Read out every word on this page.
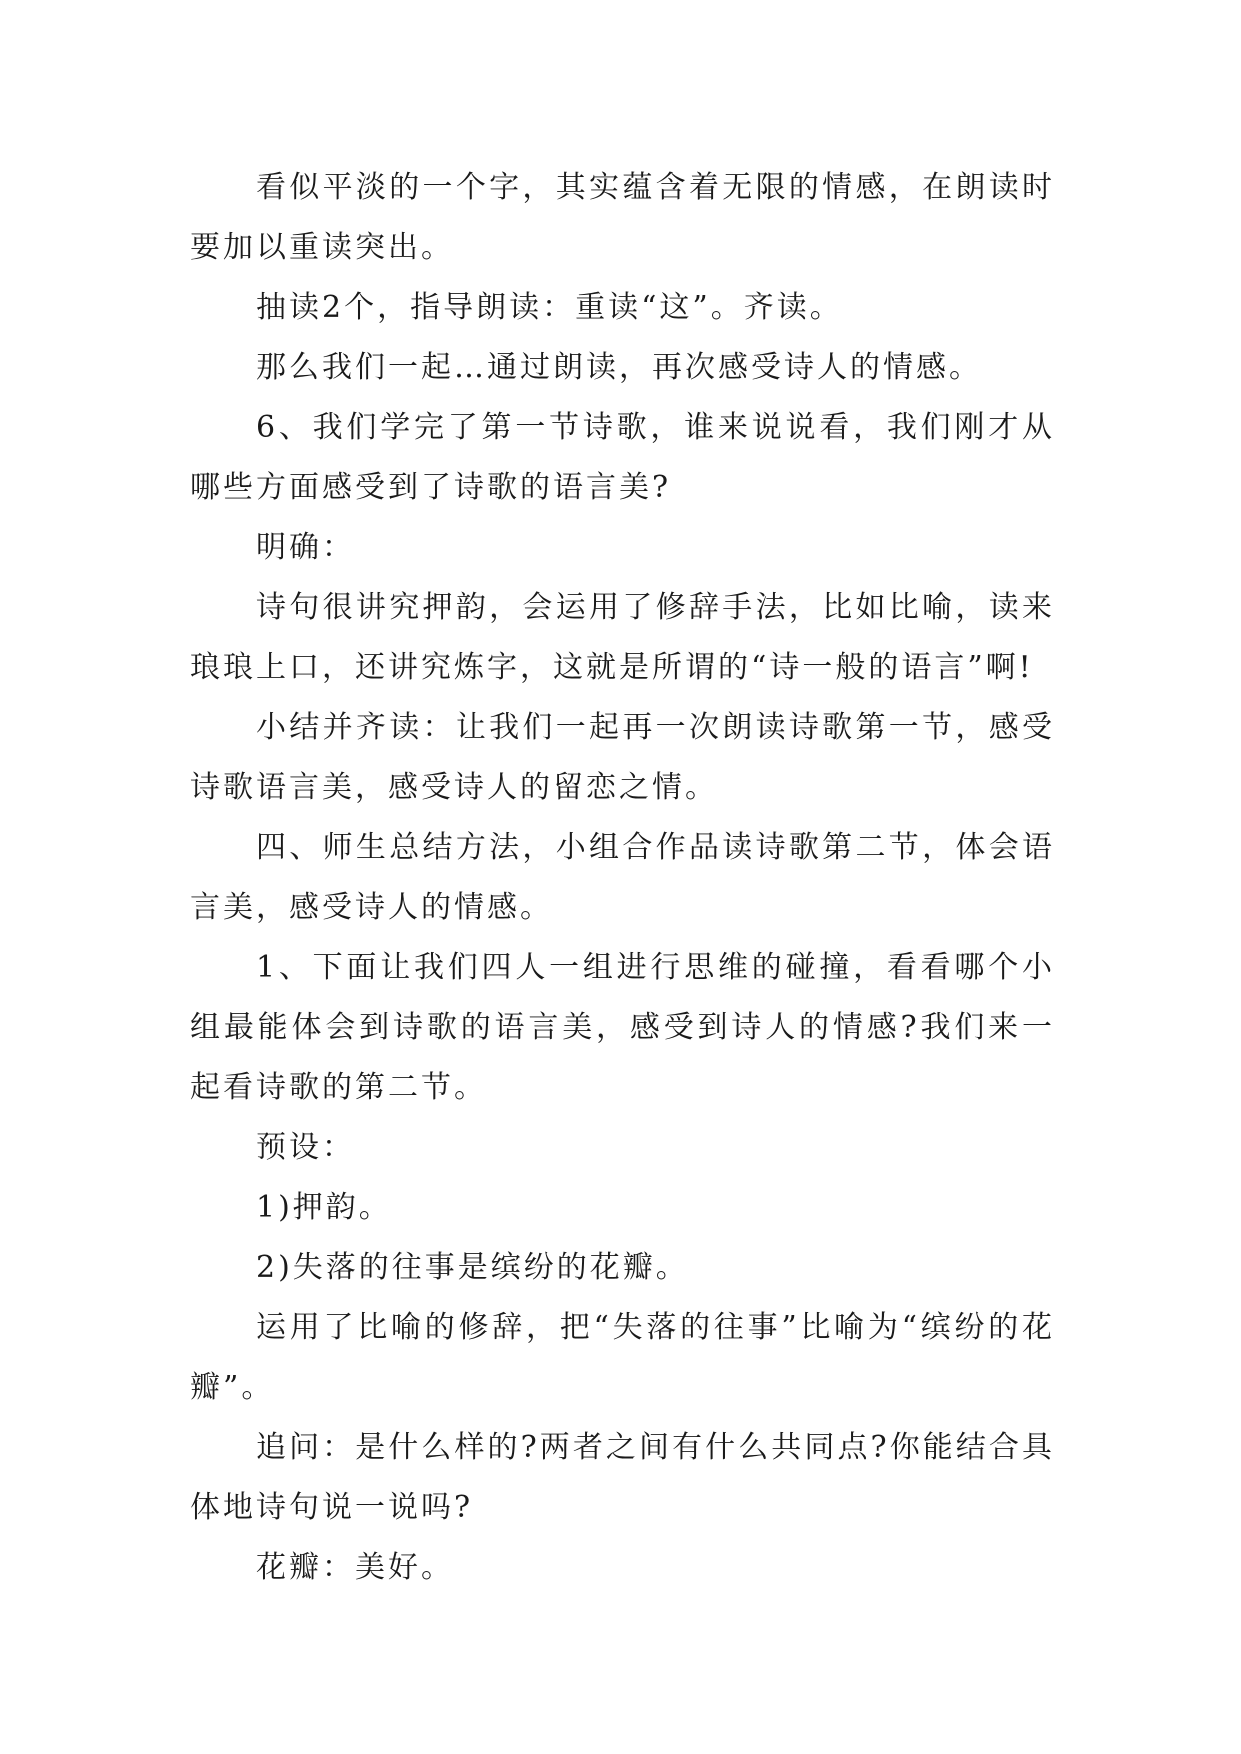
看似平淡的一个字，其实蕴含着无限的情感，在朗读时要加以重读突出。

抽读2个，指导朗读：重读“这”。齐读。

那么我们一起…通过朗读，再次感受诗人的情感。

6、我们学完了第一节诗歌，谁来说说看，我们刚才从哪些方面感受到了诗歌的语言美?

明确：

诗句很讲究押韵，会运用了修辞手法，比如比喻，读来琅琅上口，还讲究炼字，这就是所谓的“诗一般的语言”啊!

小结并齐读：让我们一起再一次朗读诗歌第一节，感受诗歌语言美，感受诗人的留恋之情。

四、师生总结方法，小组合作品读诗歌第二节，体会语言美，感受诗人的情感。

1、下面让我们四人一组进行思维的碰撞，看看哪个小组最能体会到诗歌的语言美，感受到诗人的情感?我们来一起看诗歌的第二节。

预设：

1)押韵。

2)失落的往事是缤纷的花瓣。

运用了比喻的修辞，把“失落的往事”比喻为“缤纷的花瓣”。

追问：是什么样的?两者之间有什么共同点?你能结合具体地诗句说一说吗?

花瓣：美好。
